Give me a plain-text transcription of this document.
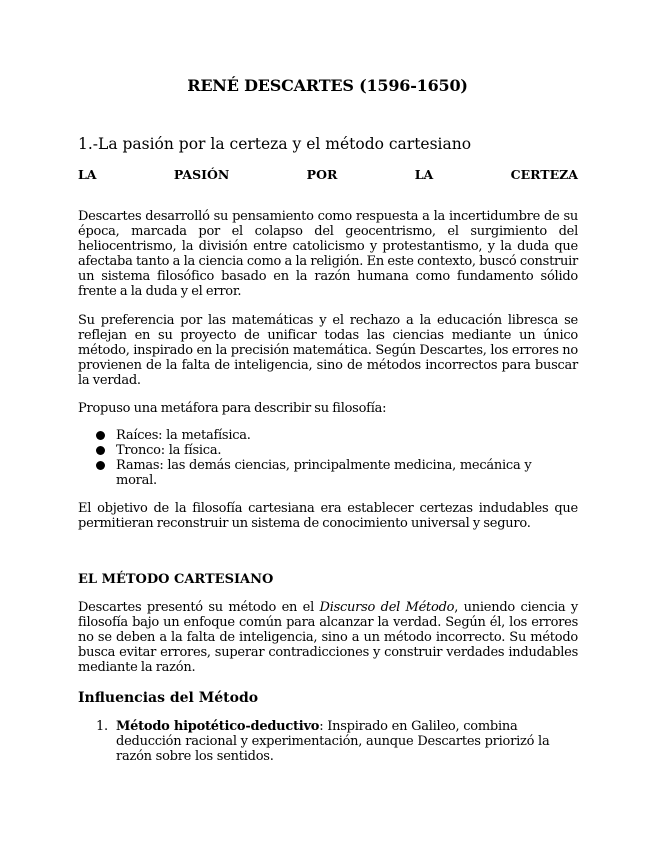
RENÉ DESCARTES (1596-1650)
1.-La pasión por la certeza y el método cartesiano
LA	PASIÓN	POR	LA	CERTEZA

Descartes desarrolló su pensamiento como respuesta a la incertidumbre de su época, marcada por el colapso del geocentrismo, el surgimiento del heliocentrismo, la división entre catolicismo y protestantismo, y la duda que afectaba tanto a la ciencia como a la religión. En este contexto, buscó construir un sistema filosófico basado en la razón humana como fundamento sólido frente a la duda y el error.

Su preferencia por las matemáticas y el rechazo a la educación libresca se reflejan en su proyecto de unificar todas las ciencias mediante un único método, inspirado en la precisión matemática. Según Descartes, los errores no provienen de la falta de inteligencia, sino de métodos incorrectos para buscar la verdad.

Propuso una metáfora para describir su filosofía:

Raíces: la metafísica.
Tronco: la física.
Ramas: las demás ciencias, principalmente medicina, mecánica y moral.

El objetivo de la filosofía cartesiana era establecer certezas indudables que permitieran reconstruir un sistema de conocimiento universal y seguro.

EL MÉTODO CARTESIANO

Descartes presentó su método en el Discurso del Método, uniendo ciencia y filosofía bajo un enfoque común para alcanzar la verdad. Según él, los errores no se deben a la falta de inteligencia, sino a un método incorrecto. Su método busca evitar errores, superar contradicciones y construir verdades indudables mediante la razón.

Influencias del Método
1. Método hipotético-deductivo: Inspirado en Galileo, combina deducción racional y experimentación, aunque Descartes priorizó la razón sobre los sentidos.
